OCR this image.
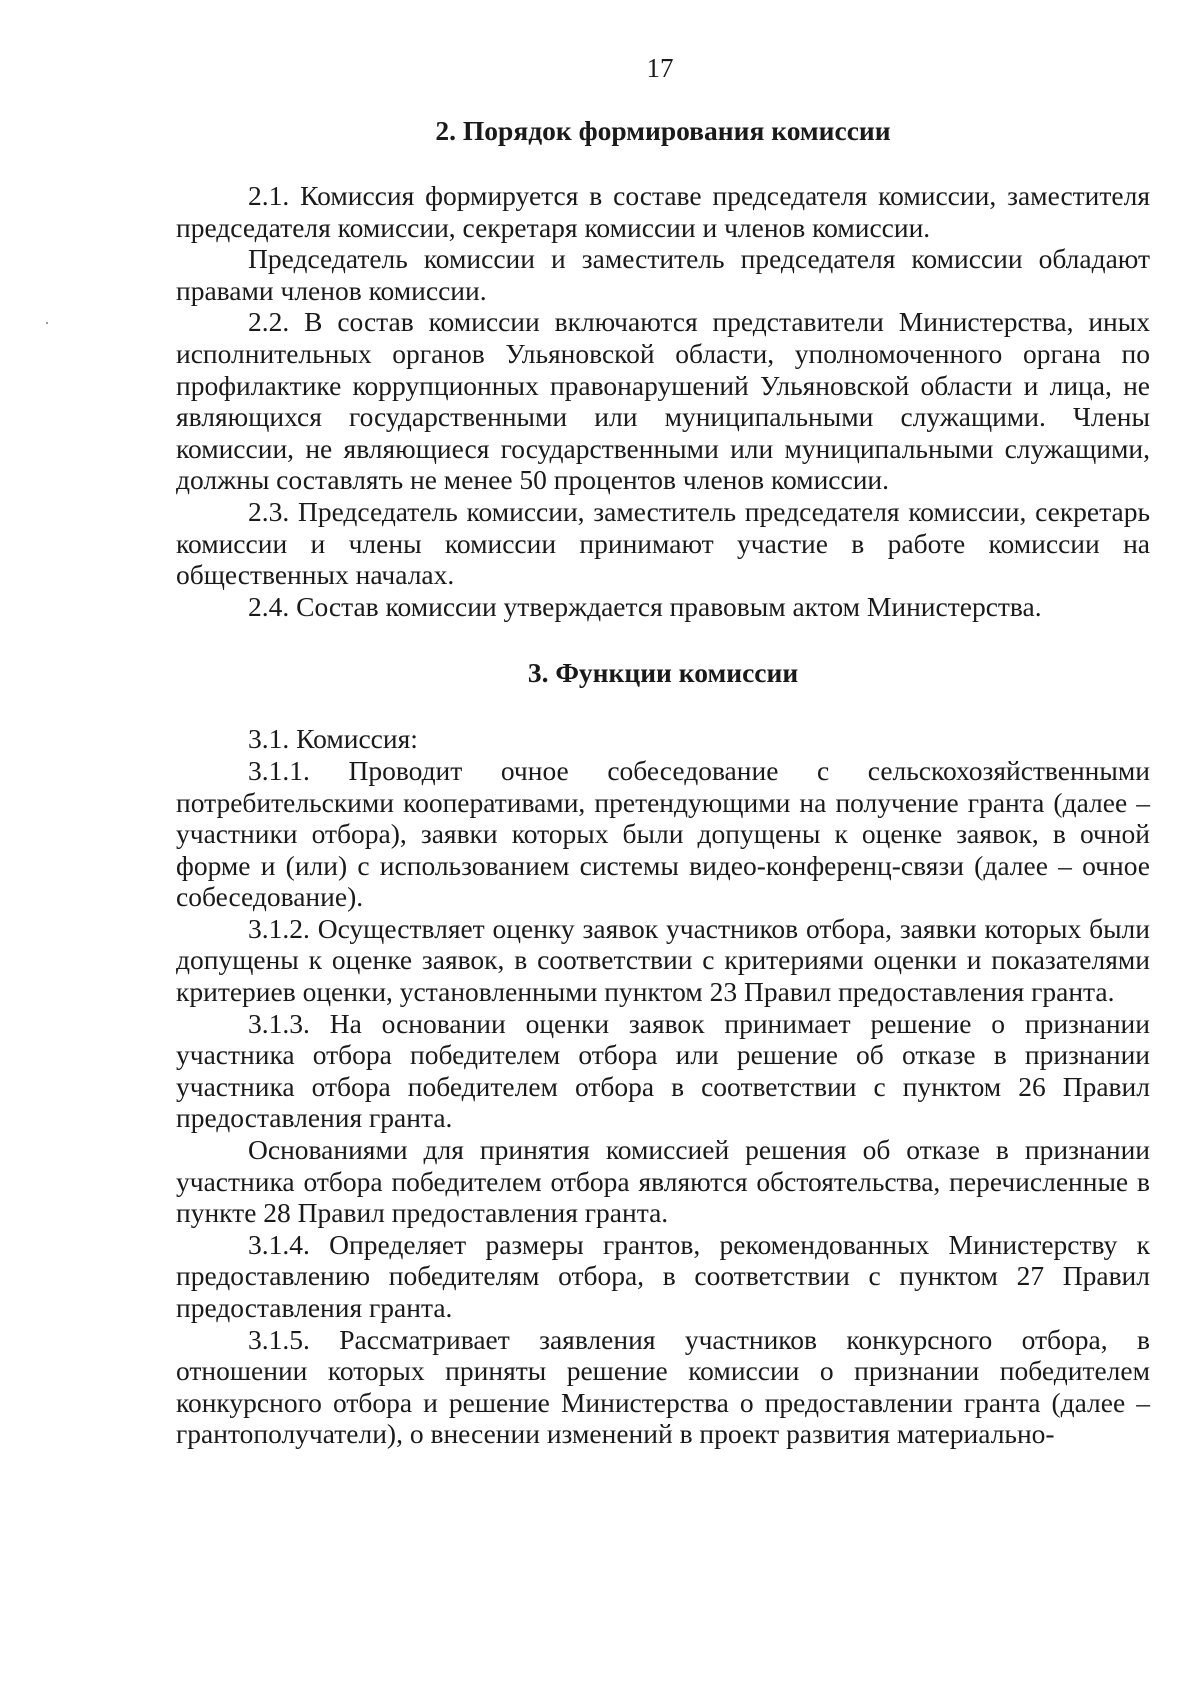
17
2. Порядок формирования комиссии

2.1. Комиссия формируется в составе председателя комиссии, заместителя председателя комиссии, секретаря комиссии и членов комиссии.

Председатель комиссии и заместитель председателя комиссии обладают правами членов комиссии.

2.2. В состав комиссии включаются представители Министерства, иных исполнительных органов Ульяновской области, уполномоченного органа по профилактике коррупционных правонарушений Ульяновской области и лица, не являющихся государственными или муниципальными служащими. Члены комиссии, не являющиеся государственными или муниципальными служащими, должны составлять не менее 50 процентов членов комиссии.

2.3. Председатель комиссии, заместитель председателя комиссии, секретарь комиссии и члены комиссии принимают участие в работе комиссии на общественных началах.

2.4. Состав комиссии утверждается правовым актом Министерства.

3. Функции комиссии

3.1. Комиссия:

3.1.1. Проводит очное собеседование с сельскохозяйственными потребительскими кооперативами, претендующими на получение гранта (далее – участники отбора), заявки которых были допущены к оценке заявок, в очной форме и (или) с использованием системы видео-конференц-связи (далее – очное собеседование).

3.1.2. Осуществляет оценку заявок участников отбора, заявки которых были допущены к оценке заявок, в соответствии с критериями оценки и показателями критериев оценки, установленными пунктом 23 Правил предоставления гранта.

3.1.3. На основании оценки заявок принимает решение о признании участника отбора победителем отбора или решение об отказе в признании участника отбора победителем отбора в соответствии с пунктом 26 Правил предоставления гранта.

Основаниями для принятия комиссией решения об отказе в признании участника отбора победителем отбора являются обстоятельства, перечисленные в пункте 28 Правил предоставления гранта.

3.1.4. Определяет размеры грантов, рекомендованных Министерству к предоставлению победителям отбора, в соответствии с пунктом 27 Правил предоставления гранта.

3.1.5. Рассматривает заявления участников конкурсного отбора, в отношении которых приняты решение комиссии о признании победителем конкурсного отбора и решение Министерства о предоставлении гранта (далее – грантополучатели), о внесении изменений в проект развития материально-
